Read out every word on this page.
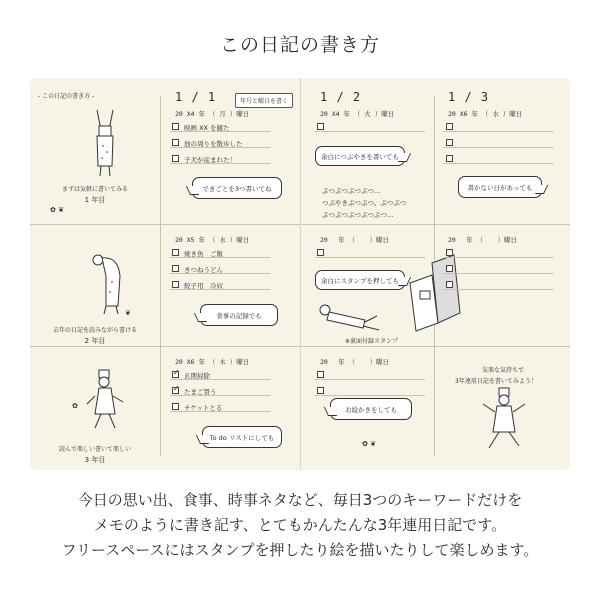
この日記の書き方
- この日記の書き方 -	1 / 1	年号と曜日を書く
まずは気軽に書いてみる
1 年目
✿ ❦
20 X4 年 （ 月 ）曜日
映画 XX を観た
池の周りを散歩した
子犬が産まれた！
できごとを3つ書いてね
去年の日記を読みながら書ける
2 年目
❦
20 X5 年 （ 水 ）曜日
焼き魚　ご飯
きつねうどん
餃子用　冷奴
食事の記録でも
読んで楽しい書いて楽しい
3 年目
✿
20 X6 年 （ 木 ）曜日
✓ 玄関掃除
✓ たまご買う
チケットとる
To do リストにしても
1 / 2	1 / 3
20 X4 年 （ 火 ）曜日
余白につぶやきを書いても
ぷつぷつぷつぷつ…
つぷやきぷつぷつ。ぷつぷつ
ぷつぷつぷつぷつぷつ…
20 　年 （ 　 ）曜日
余白にスタンプを押しても
※裏面付録スタンプ
20 　年 （ 　 ）曜日
お絵かきをしても
✿ ❦
20 X6 年 （ 水 ）曜日
書かない日があっても
20 　年 （ 　 ）曜日
気楽な気持ちで
3年連用日記を書いてみよう！
今日の思い出、食事、時事ネタなど、毎日3つのキーワードだけを
メモのように書き記す、とてもかんたんな3年連用日記です。
フリースペースにはスタンプを押したり絵を描いたりして楽しめます。
